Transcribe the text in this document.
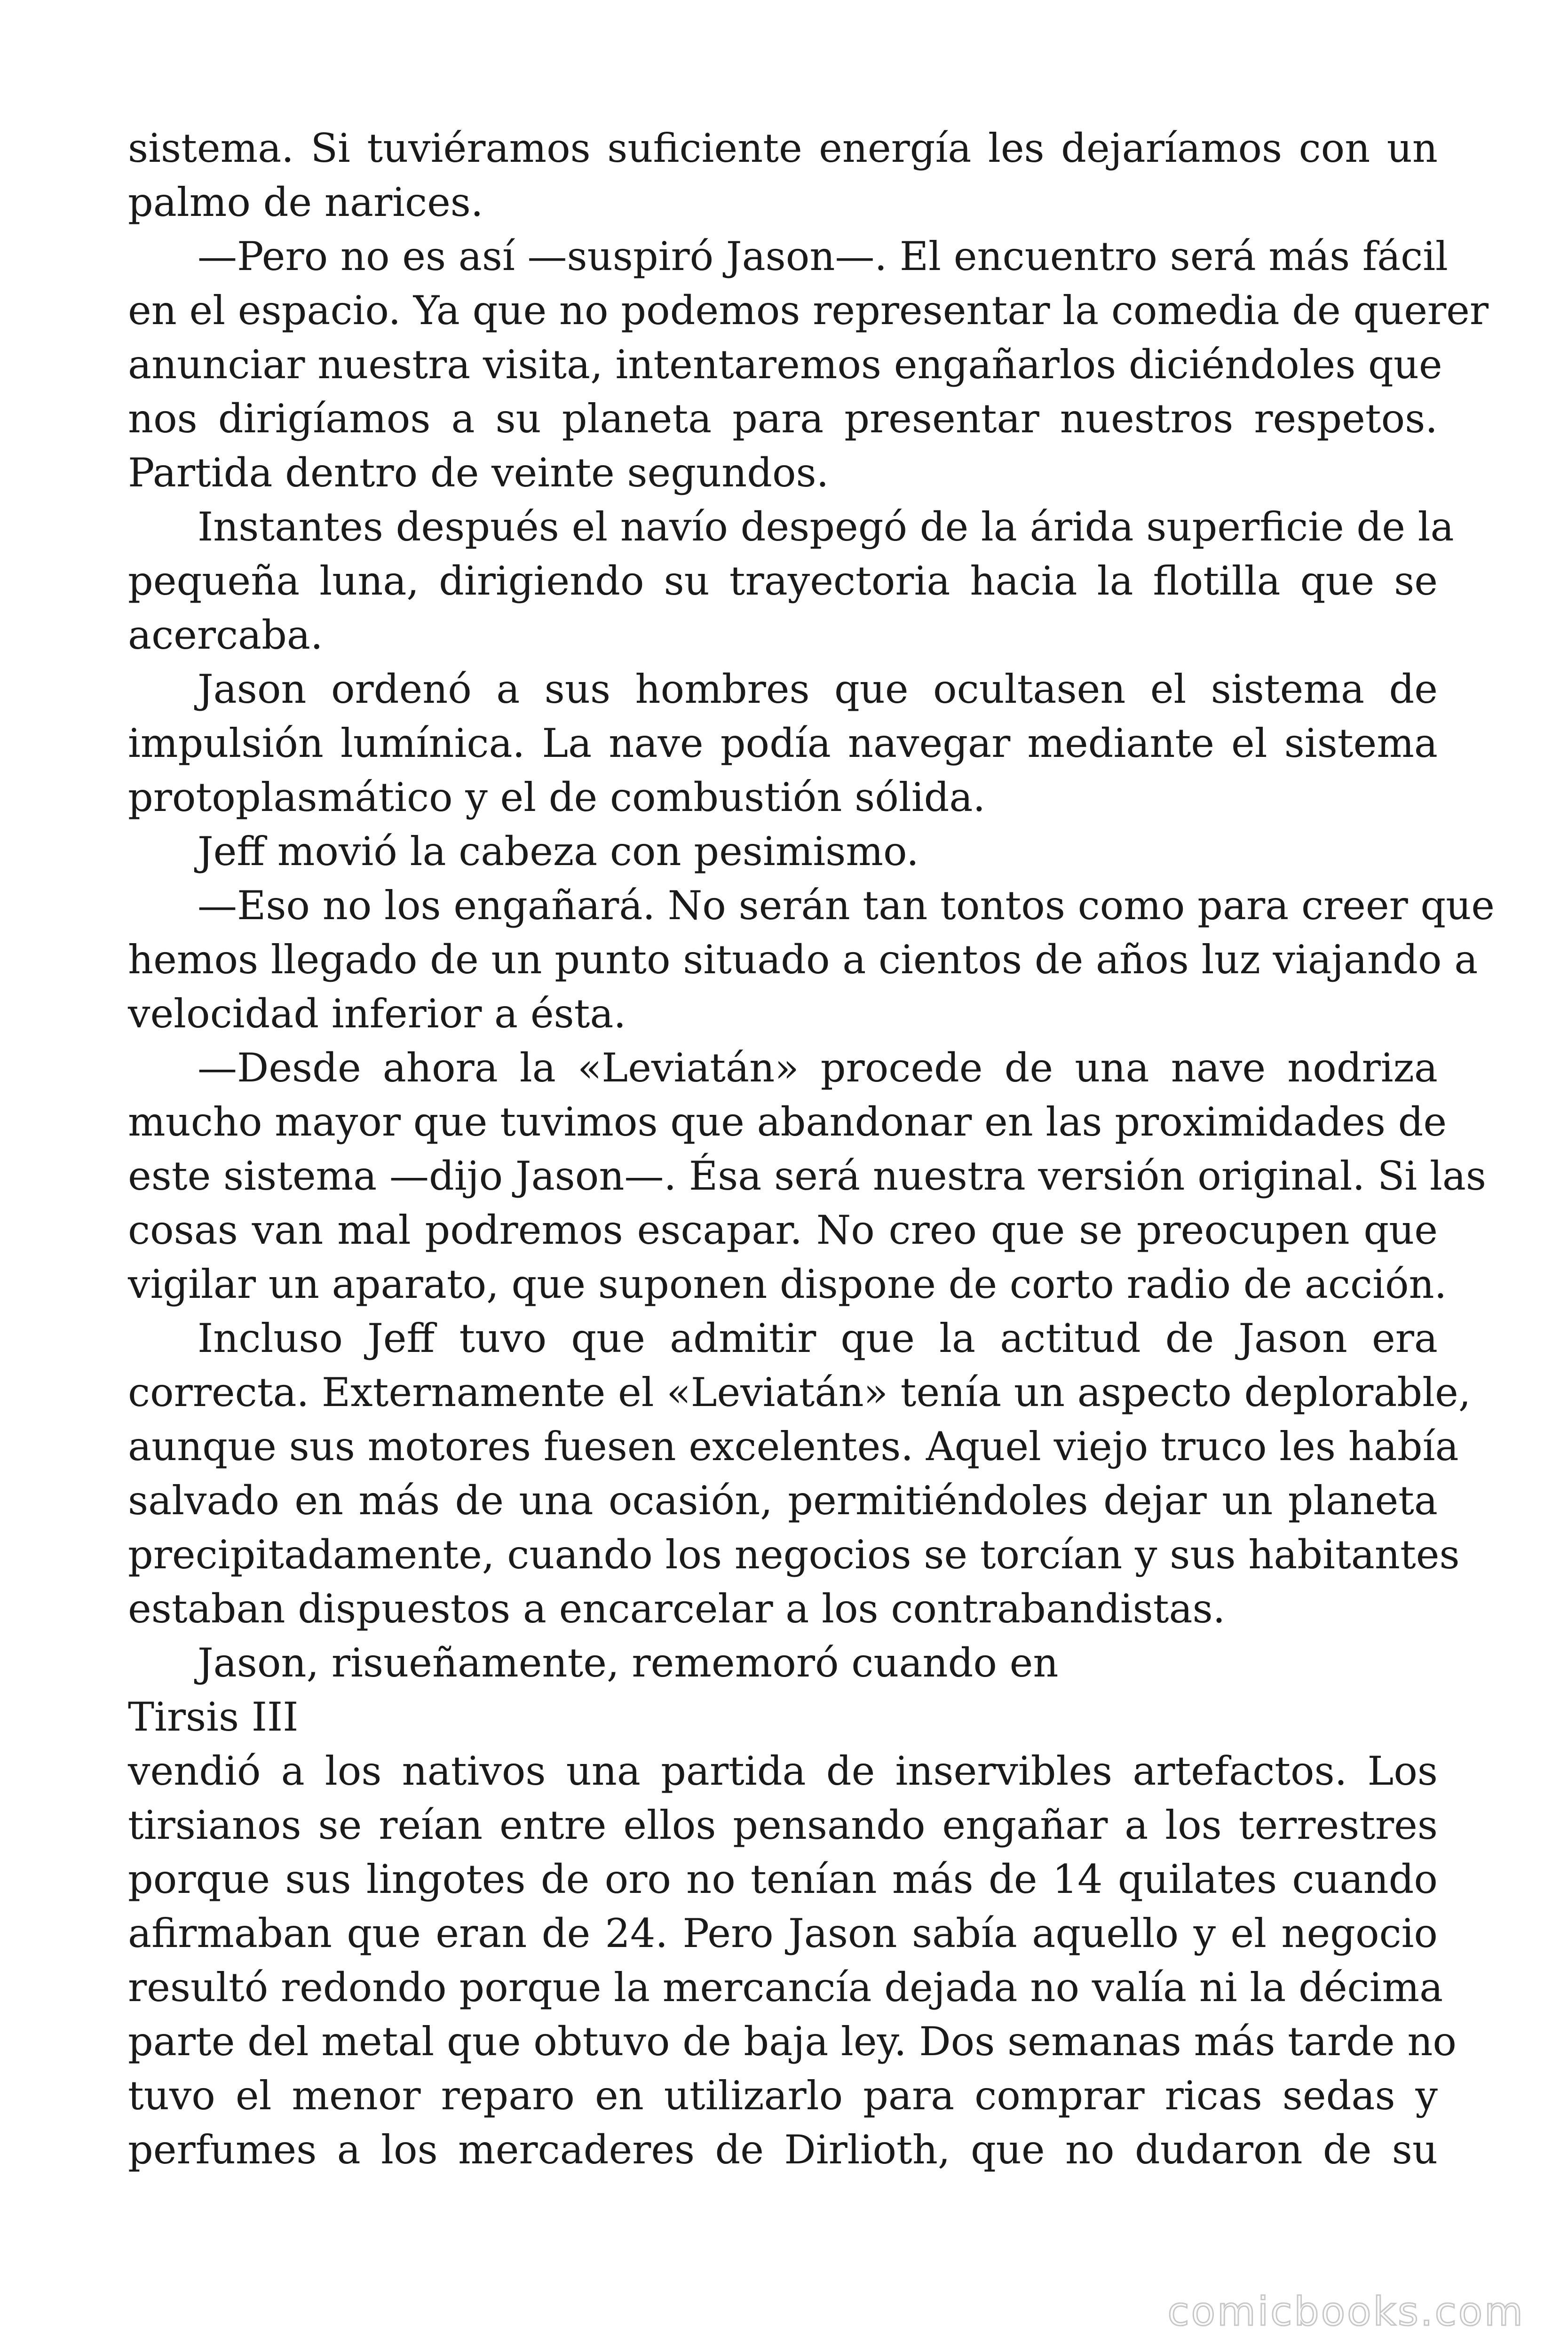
sistema. Si tuviéramos suficiente energía les dejaríamos con un
palmo de narices.
—Pero no es así —suspiró Jason—. El encuentro será más fácil
en el espacio. Ya que no podemos representar la comedia de querer
anunciar nuestra visita, intentaremos engañarlos diciéndoles que
nos dirigíamos a su planeta para presentar nuestros respetos.
Partida dentro de veinte segundos.
Instantes después el navío despegó de la árida superficie de la
pequeña luna, dirigiendo su trayectoria hacia la flotilla que se
acercaba.
Jason ordenó a sus hombres que ocultasen el sistema de
impulsión lumínica. La nave podía navegar mediante el sistema
protoplasmático y el de combustión sólida.
Jeff movió la cabeza con pesimismo.
—Eso no los engañará. No serán tan tontos como para creer que
hemos llegado de un punto situado a cientos de años luz viajando a
velocidad inferior a ésta.
—Desde ahora la «Leviatán» procede de una nave nodriza
mucho mayor que tuvimos que abandonar en las proximidades de
este sistema —dijo Jason—. Ésa será nuestra versión original. Si las
cosas van mal podremos escapar. No creo que se preocupen que
vigilar un aparato, que suponen dispone de corto radio de acción.
Incluso Jeff tuvo que admitir que la actitud de Jason era
correcta. Externamente el «Leviatán» tenía un aspecto deplorable,
aunque sus motores fuesen excelentes. Aquel viejo truco les había
salvado en más de una ocasión, permitiéndoles dejar un planeta
precipitadamente, cuando los negocios se torcían y sus habitantes
estaban dispuestos a encarcelar a los contrabandistas.
Jason, risueñamente, rememoró cuando en
Tirsis III
vendió a los nativos una partida de inservibles artefactos. Los
tirsianos se reían entre ellos pensando engañar a los terrestres
porque sus lingotes de oro no tenían más de 14 quilates cuando
afirmaban que eran de 24. Pero Jason sabía aquello y el negocio
resultó redondo porque la mercancía dejada no valía ni la décima
parte del metal que obtuvo de baja ley. Dos semanas más tarde no
tuvo el menor reparo en utilizarlo para comprar ricas sedas y
perfumes a los mercaderes de Dirlioth, que no dudaron de su
comicbooks.com
